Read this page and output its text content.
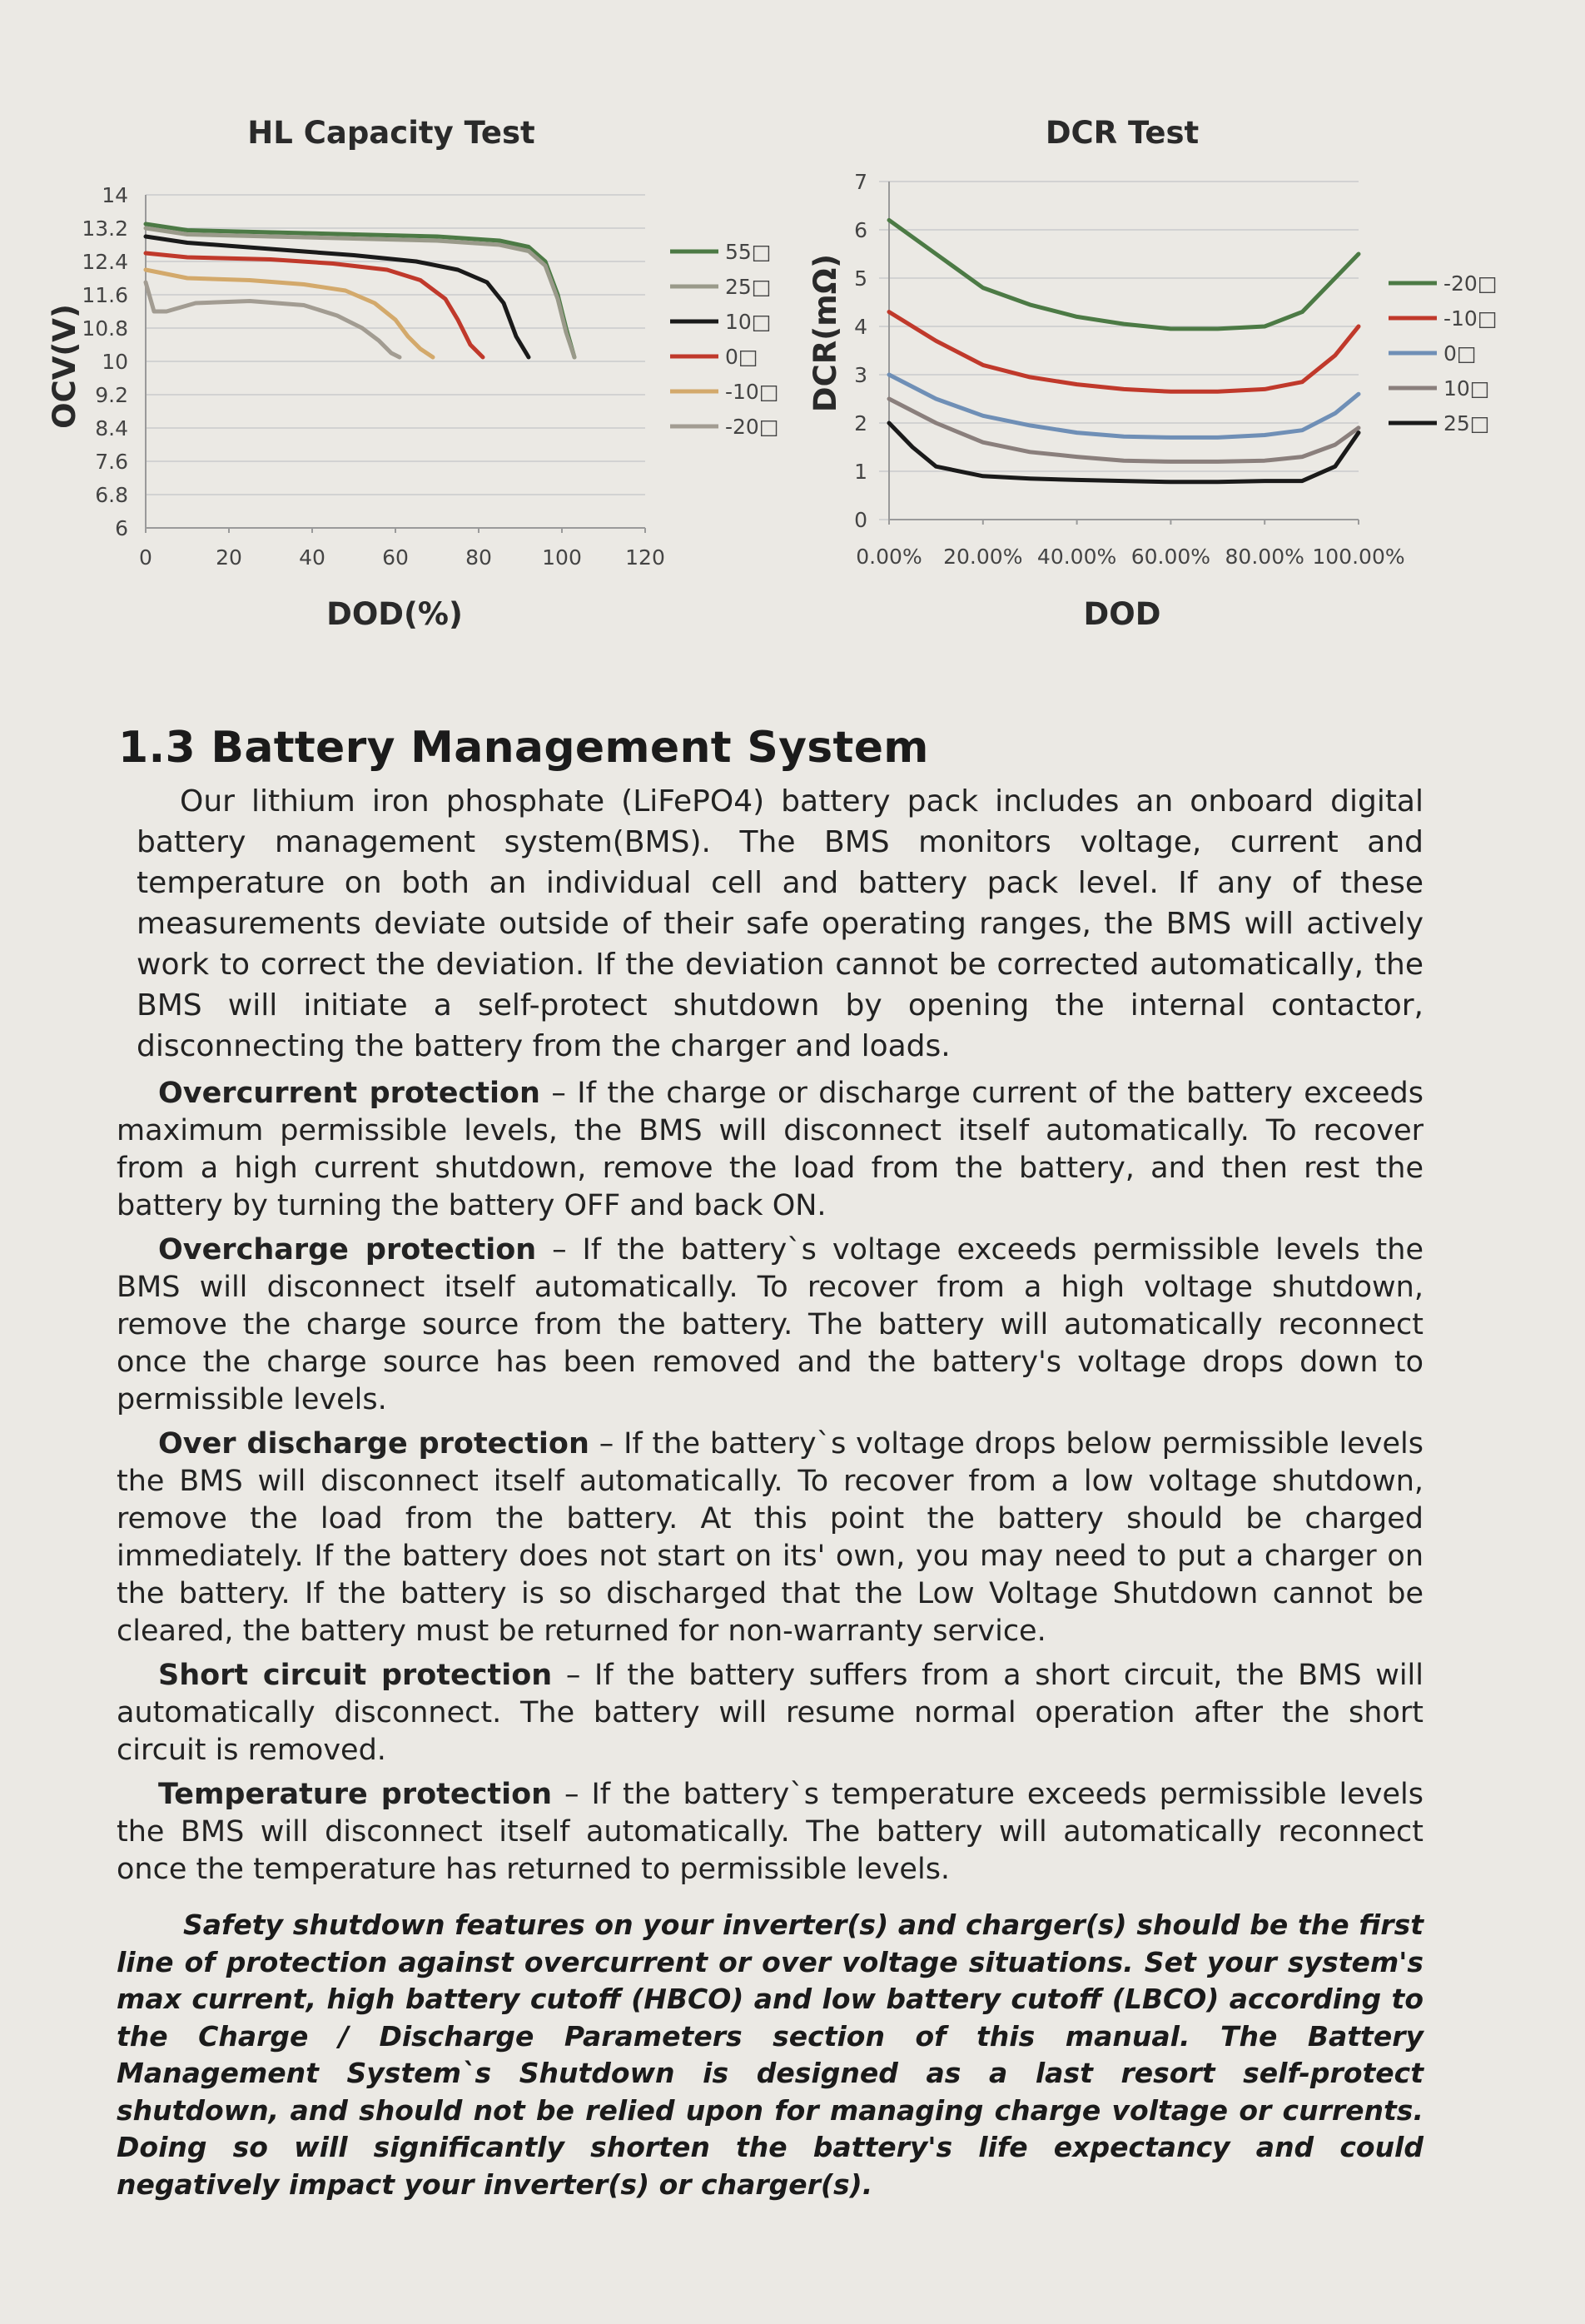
HL Capacity Test
14
13.2
12.4
11.6
10.8
10
9.2
8.4
7.6
6.8
6
0	20	40	60	80 100 120
55□
25□
10□
0□
-10□
-20□
OCV(V)
DOD(%)
DCR Test
7
6
5
4
3
2
1
0
0.00% 20.00% 40.00% 60.00% 80.00% 100.00%
-20□
-10□
0□
10□
25□
DCR(mΩ)
DOD
1.3 Battery Management System

Our lithium iron phosphate (LiFePO4) battery pack includes an onboard digital battery management system(BMS). The BMS monitors voltage, current and temperature on both an individual cell and battery pack level. If any of these measurements deviate outside of their safe operating ranges, the BMS will actively work to correct the deviation. If the deviation cannot be corrected automatically, the BMS will initiate a self-protect shutdown by opening the internal contactor, disconnecting the battery from the charger and loads.

Overcurrent protection – If the charge or discharge current of the battery exceeds maximum permissible levels, the BMS will disconnect itself automatically. To recover from a high current shutdown, remove the load from the battery, and then rest the battery by turning the battery OFF and back ON.

Overcharge protection – If the battery`s voltage exceeds permissible levels the BMS will disconnect itself automatically. To recover from a high voltage shutdown, remove the charge source from the battery. The battery will automatically reconnect once the charge source has been removed and the battery's voltage drops down to permissible levels.

Over discharge protection – If the battery`s voltage drops below permissible levels the BMS will disconnect itself automatically. To recover from a low voltage shutdown, remove the load from the battery. At this point the battery should be charged immediately. If the battery does not start on its' own, you may need to put a charger on the battery. If the battery is so discharged that the Low Voltage Shutdown cannot be cleared, the battery must be returned for non-warranty service.

Short circuit protection – If the battery suffers from a short circuit, the BMS will automatically disconnect. The battery will resume normal operation after the short circuit is removed.

Temperature protection – If the battery`s temperature exceeds permissible levels the BMS will disconnect itself automatically. The battery will automatically reconnect once the temperature has returned to permissible levels.

Safety shutdown features on your inverter(s) and charger(s) should be the first line of protection against overcurrent or over voltage situations. Set your system's max current, high battery cutoff (HBCO) and low battery cutoff (LBCO) according to the Charge / Discharge Parameters section of this manual. The Battery Management System`s Shutdown is designed as a last resort self-protect shutdown, and should not be relied upon for managing charge voltage or currents. Doing so will significantly shorten the battery's life expectancy and could negatively impact your inverter(s) or charger(s).
